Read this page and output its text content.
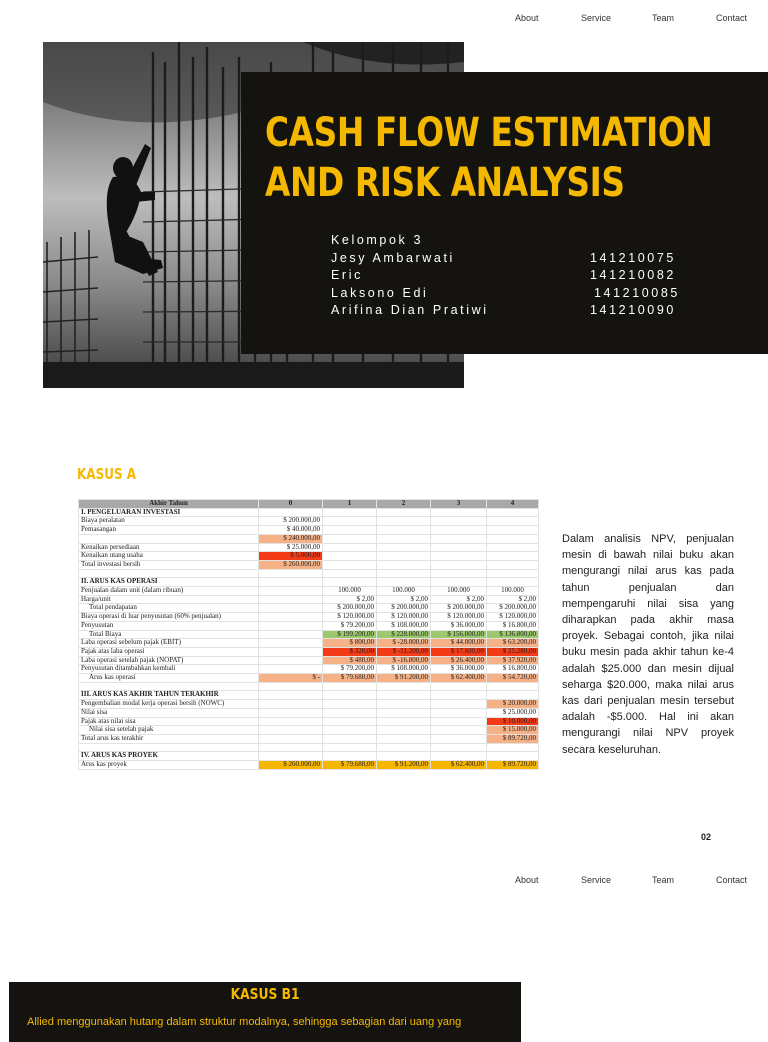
About	Service	Team	Contact
CASH FLOW ESTIMATION
AND RISK ANALYSIS
Kelompok 3
Jesy Ambarwati	141210075
Eric	141210082
Laksono Edi	141210085
Arifina Dian Pratiwi	141210090
KASUS A
Akhir Tahun	0	1	2	3	4
I. PENGELUARAN INVESTASI					
Biaya peralatan	$ 200.000,00				
Pemasangan	$ 40.000,00				
	$ 240.000,00				
Kenaikan persediaan	$ 25.000,00				
Kenaikan utang usaha	$ 5.000,00				
Total investasi bersih	$ 260.000,00				

II. ARUS KAS OPERASI					
Penjualan dalam unit (dalam ribuan)		100.000	100.000	100.000	100.000
Harga/unit		$ 2,00	$ 2,00	$ 2,00	$ 2,00
Total pendapatan		$ 200.000,00	$ 200.000,00	$ 200.000,00	$ 200.000,00
Biaya operasi di luar penyusutan (60% penjualan)		$ 120.000,00	$ 120.000,00	$ 120.000,00	$ 120.000,00
Penyusutan		$ 79.200,00	$ 108.000,00	$ 36.000,00	$ 16.800,00
Total Biaya		$ 199.200,00	$ 228.000,00	$ 156.000,00	$ 136.800,00
Laba operasi sebelum pajak (EBIT)		$ 800,00	$ -28.000,00	$ 44.000,00	$ 63.200,00
Pajak atas laba operasi		$ 320,00	$ -11.200,00	$ 17.600,00	$ 25.280,00
Laba operasi setelah pajak (NOPAT)		$ 480,00	$ -16.800,00	$ 26.400,00	$ 37.920,00
Penyusutan ditambahkan kembali		$ 79.200,00	$ 108.000,00	$ 36.000,00	$ 16.800,00
Arus kas operasi	$ -	$ 79.680,00	$ 91.200,00	$ 62.400,00	$ 54.720,00

III. ARUS KAS AKHIR TAHUN TERAKHIR					
Pengembalian modal kerja operasi bersih (NOWC)					$ 20.000,00
Nilai sisa					$ 25.000,00
Pajak atas nilai sisa					$ 10.000,00
Nilai sisa setelah pajak					$ 15.000,00
Total arus kas terakhir					$ 89.720,00

IV. ARUS KAS PROYEK					
Arus kas proyek	$ 260.000,00	$ 79.680,00	$ 91.200,00	$ 62.400,00	$ 89.720,00

Dalam analisis NPV, penjualan mesin di bawah nilai buku akan mengurangi nilai arus kas pada tahun penjualan dan mempengaruhi nilai sisa yang diharapkan pada akhir masa proyek. Sebagai contoh, jika nilai buku mesin pada akhir tahun ke-4 adalah $25.000 dan mesin dijual seharga $20.000, maka nilai arus kas dari penjualan mesin tersebut adalah -$5.000. Hal ini akan mengurangi nilai NPV proyek secara keseluruhan.

02
About	Service	Team	Contact
KASUS B1
Allied menggunakan hutang dalam struktur modalnya, sehingga sebagian dari uang yang
